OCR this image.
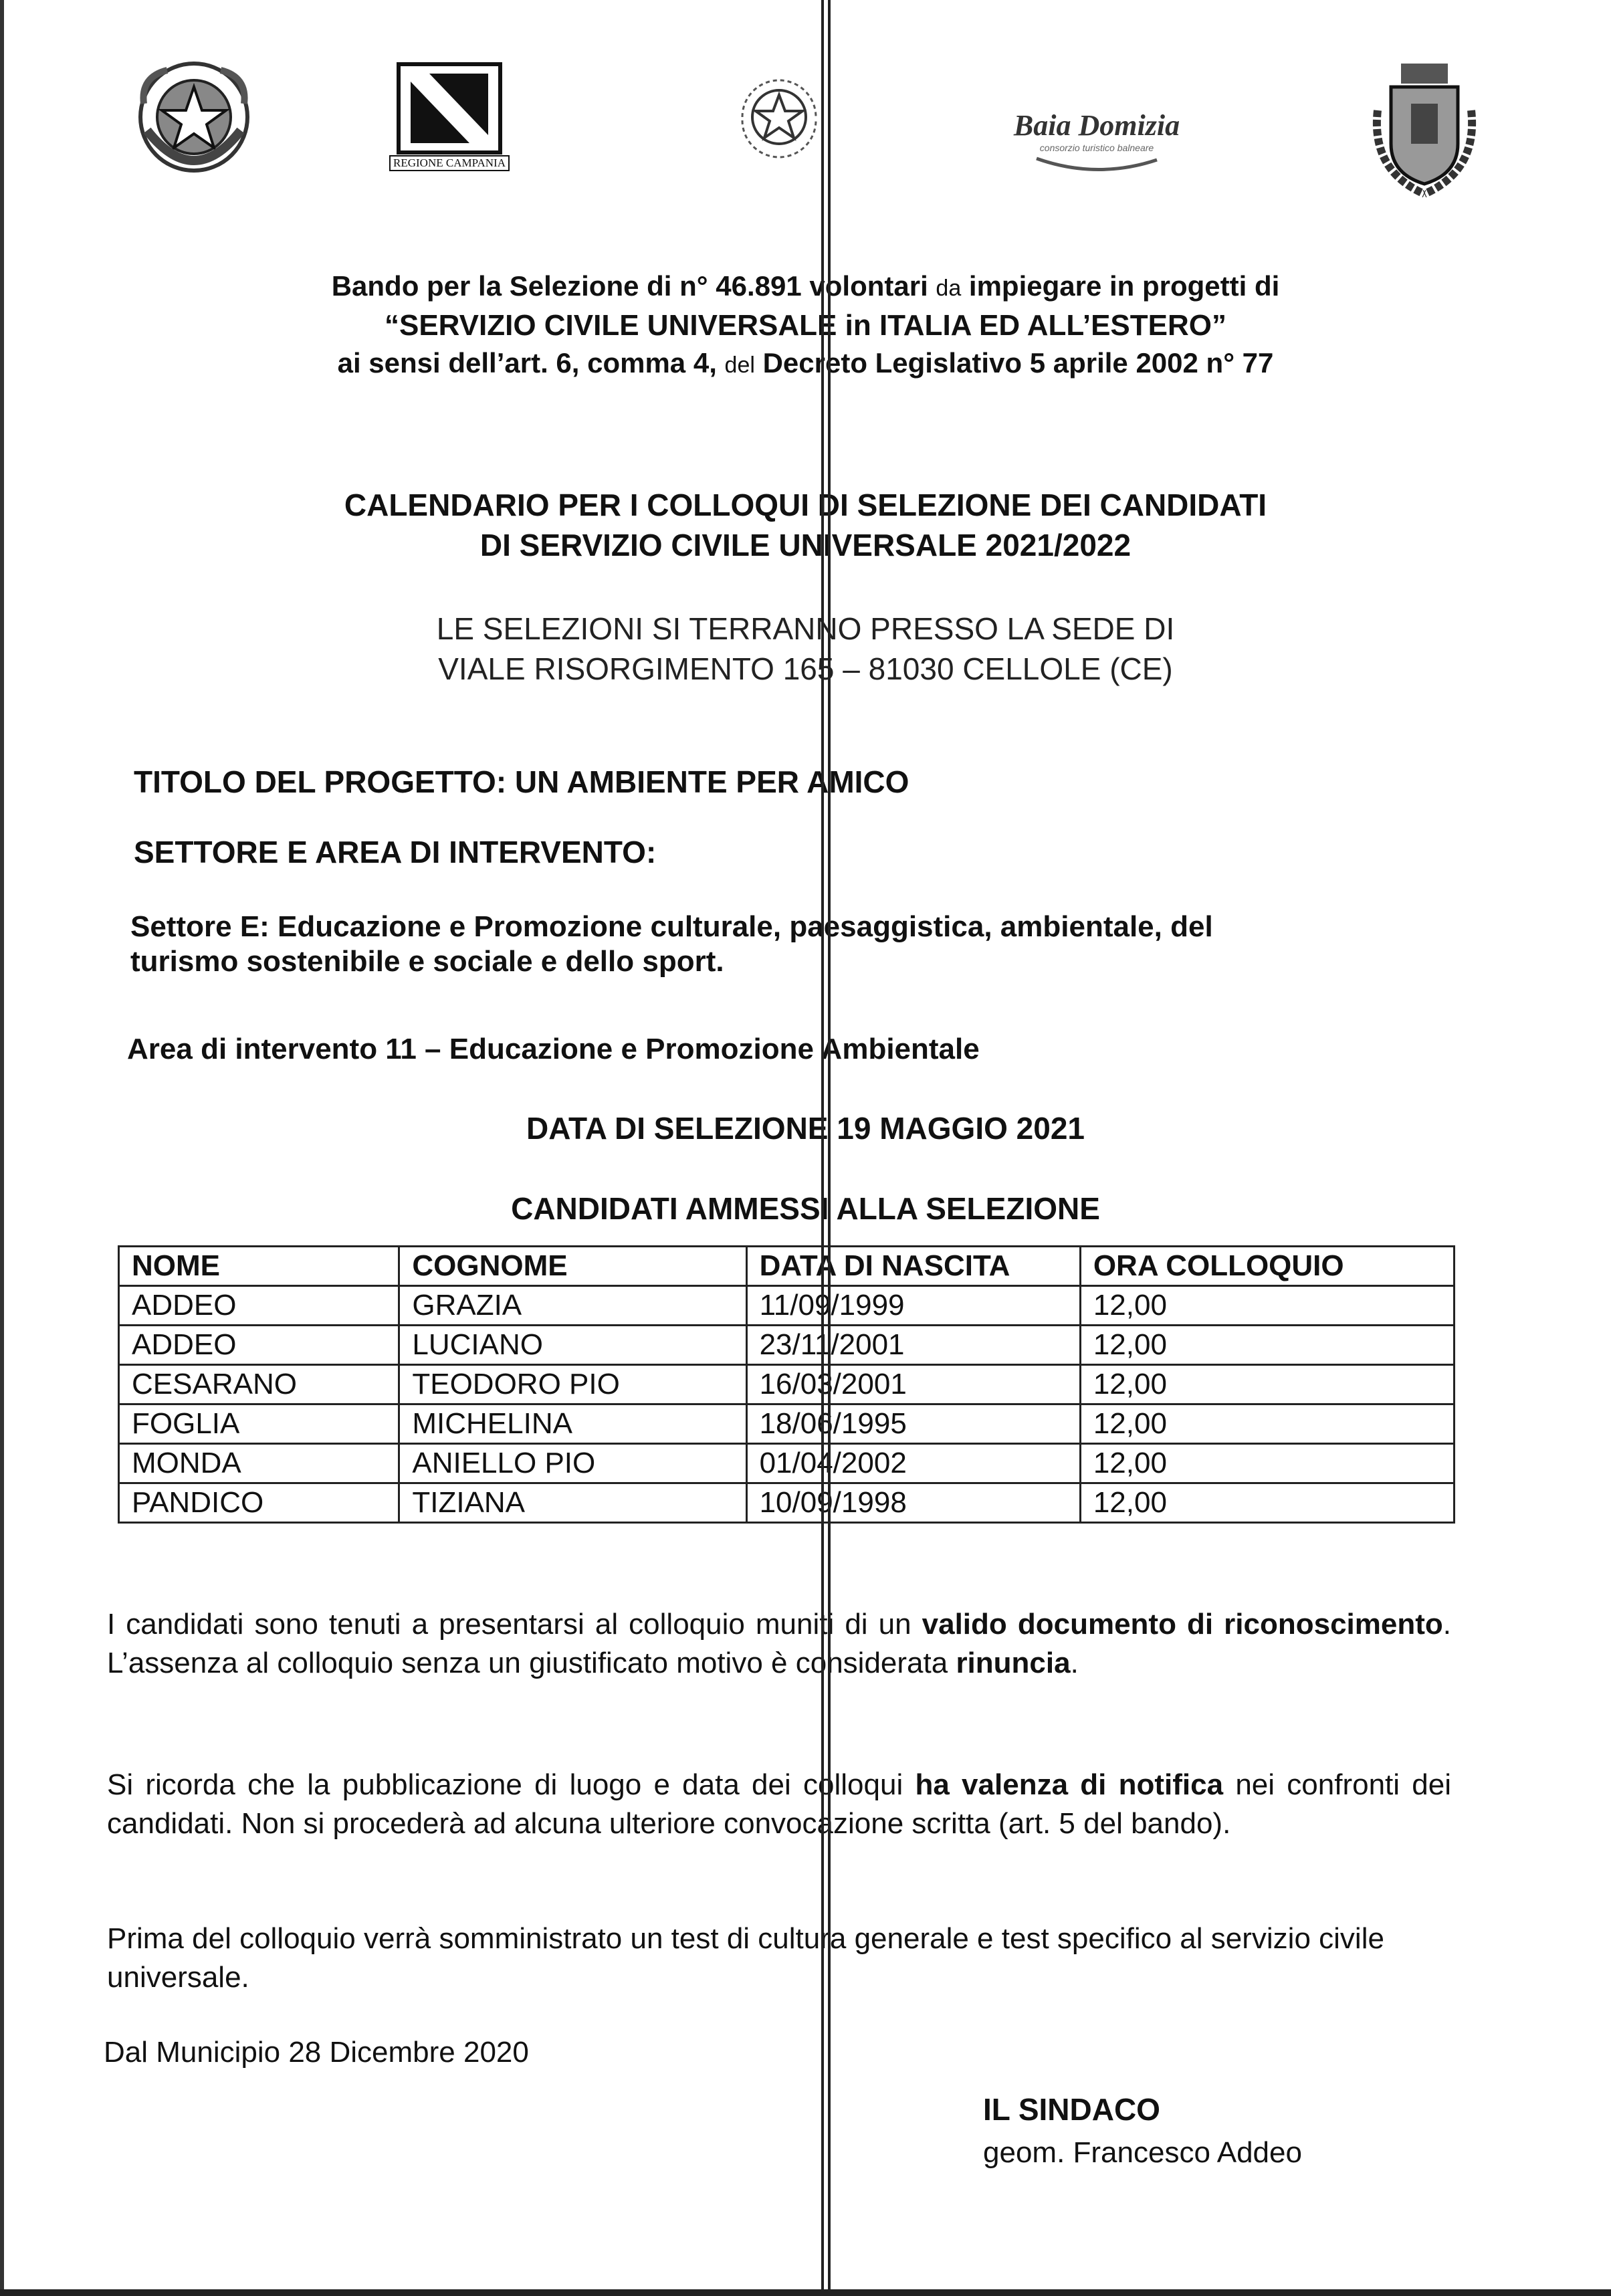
REGIONE CAMPANIA
Baia Domizia
consorzio turistico balneare
Bando per la Selezione di n° 46.891 volontari da impiegare in progetti di
“SERVIZIO CIVILE UNIVERSALE in ITALIA ED ALL’ESTERO”
ai sensi dell’art. 6, comma 4, del Decreto Legislativo 5 aprile 2002 n° 77
CALENDARIO PER I COLLOQUI DI SELEZIONE DEI CANDIDATI
DI SERVIZIO CIVILE UNIVERSALE 2021/2022
LE SELEZIONI SI TERRANNO PRESSO LA SEDE DI
VIALE RISORGIMENTO 165 – 81030 CELLOLE (CE)
TITOLO DEL PROGETTO: UN AMBIENTE PER AMICO
SETTORE E AREA DI INTERVENTO:
Settore E: Educazione e Promozione culturale, paesaggistica, ambientale, del
turismo sostenibile e sociale e dello sport.
Area di intervento 11 – Educazione e Promozione Ambientale
DATA DI SELEZIONE 19 MAGGIO 2021
CANDIDATI AMMESSI ALLA SELEZIONE
NOME	COGNOME	DATA DI NASCITA	ORA COLLOQUIO
ADDEO	GRAZIA	11/09/1999	12,00
ADDEO	LUCIANO	23/11/2001	12,00
CESARANO	TEODORO PIO	16/03/2001	12,00
FOGLIA	MICHELINA	18/06/1995	12,00
MONDA	ANIELLO PIO	01/04/2002	12,00
PANDICO	TIZIANA	10/09/1998	12,00
I candidati sono tenuti a presentarsi al colloquio muniti di un valido documento di riconoscimento. L’assenza al colloquio senza un giustificato motivo è considerata rinuncia.
Si ricorda che la pubblicazione di luogo e data dei colloqui ha valenza di notifica nei confronti dei candidati. Non si procederà ad alcuna ulteriore convocazione scritta (art. 5 del bando).
Prima del colloquio verrà somministrato un test di cultura generale e test specifico al servizio civile universale.
Dal Municipio 28 Dicembre 2020
IL SINDACO
geom. Francesco Addeo
